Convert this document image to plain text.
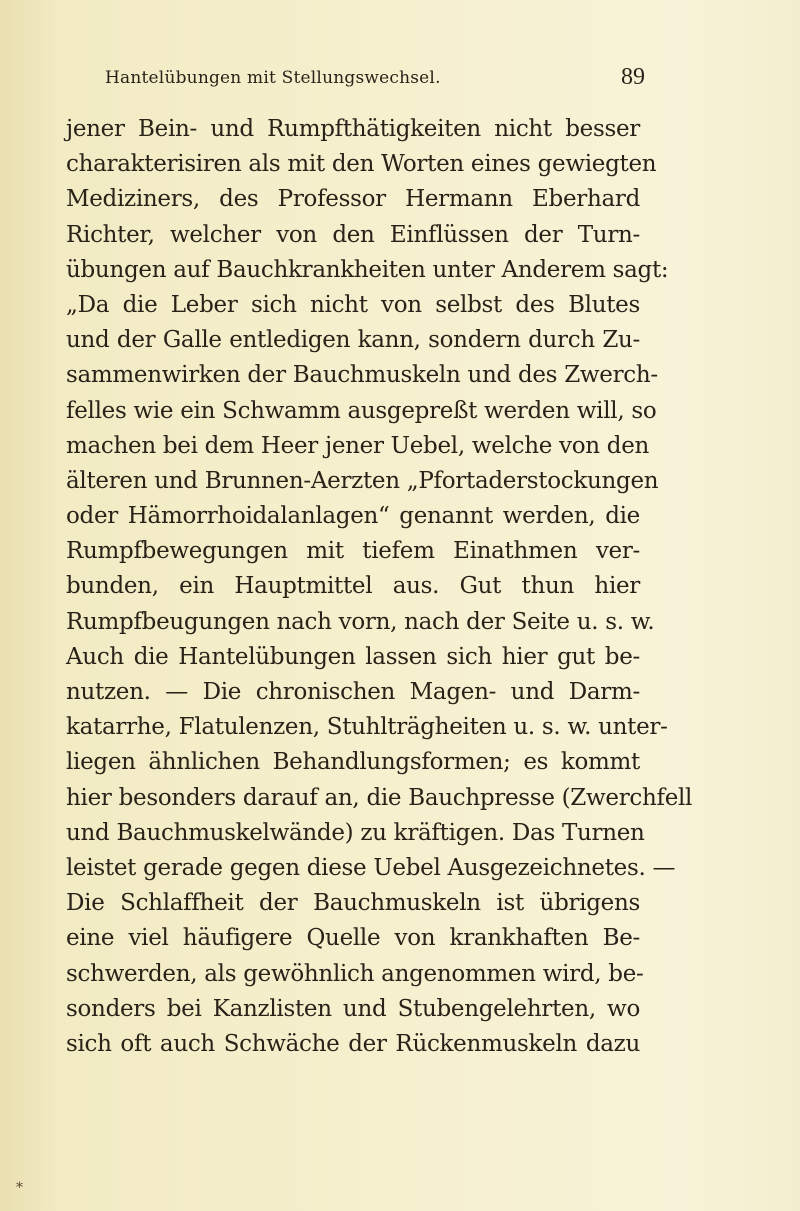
Hantelübungen mit Stellungswechsel.	89
jener Bein- und Rumpfthätigkeiten nicht besser
charakterisiren als mit den Worten eines gewiegten
Mediziners, des Professor Hermann Eberhard
Richter, welcher von den Einflüssen der Turn-
übungen auf Bauchkrankheiten unter Anderem sagt:
„Da die Leber sich nicht von selbst des Blutes
und der Galle entledigen kann, sondern durch Zu-
sammenwirken der Bauchmuskeln und des Zwerch-
felles wie ein Schwamm ausgepreßt werden will, so
machen bei dem Heer jener Uebel, welche von den
älteren und Brunnen-Aerzten „Pfortaderstockungen
oder Hämorrhoidalanlagen“ genannt werden, die
Rumpfbewegungen mit tiefem Einathmen ver-
bunden, ein Hauptmittel aus. Gut thun hier
Rumpfbeugungen nach vorn, nach der Seite u. s. w.
Auch die Hantelübungen lassen sich hier gut be-
nutzen. — Die chronischen Magen- und Darm-
katarrhe, Flatulenzen, Stuhlträgheiten u. s. w. unter-
liegen ähnlichen Behandlungsformen; es kommt
hier besonders darauf an, die Bauchpresse (Zwerchfell
und Bauchmuskelwände) zu kräftigen. Das Turnen
leistet gerade gegen diese Uebel Ausgezeichnetes. —
Die Schlaffheit der Bauchmuskeln ist übrigens
eine viel häufigere Quelle von krankhaften Be-
schwerden, als gewöhnlich angenommen wird, be-
sonders bei Kanzlisten und Stubengelehrten, wo
sich oft auch Schwäche der Rückenmuskeln dazu
*
